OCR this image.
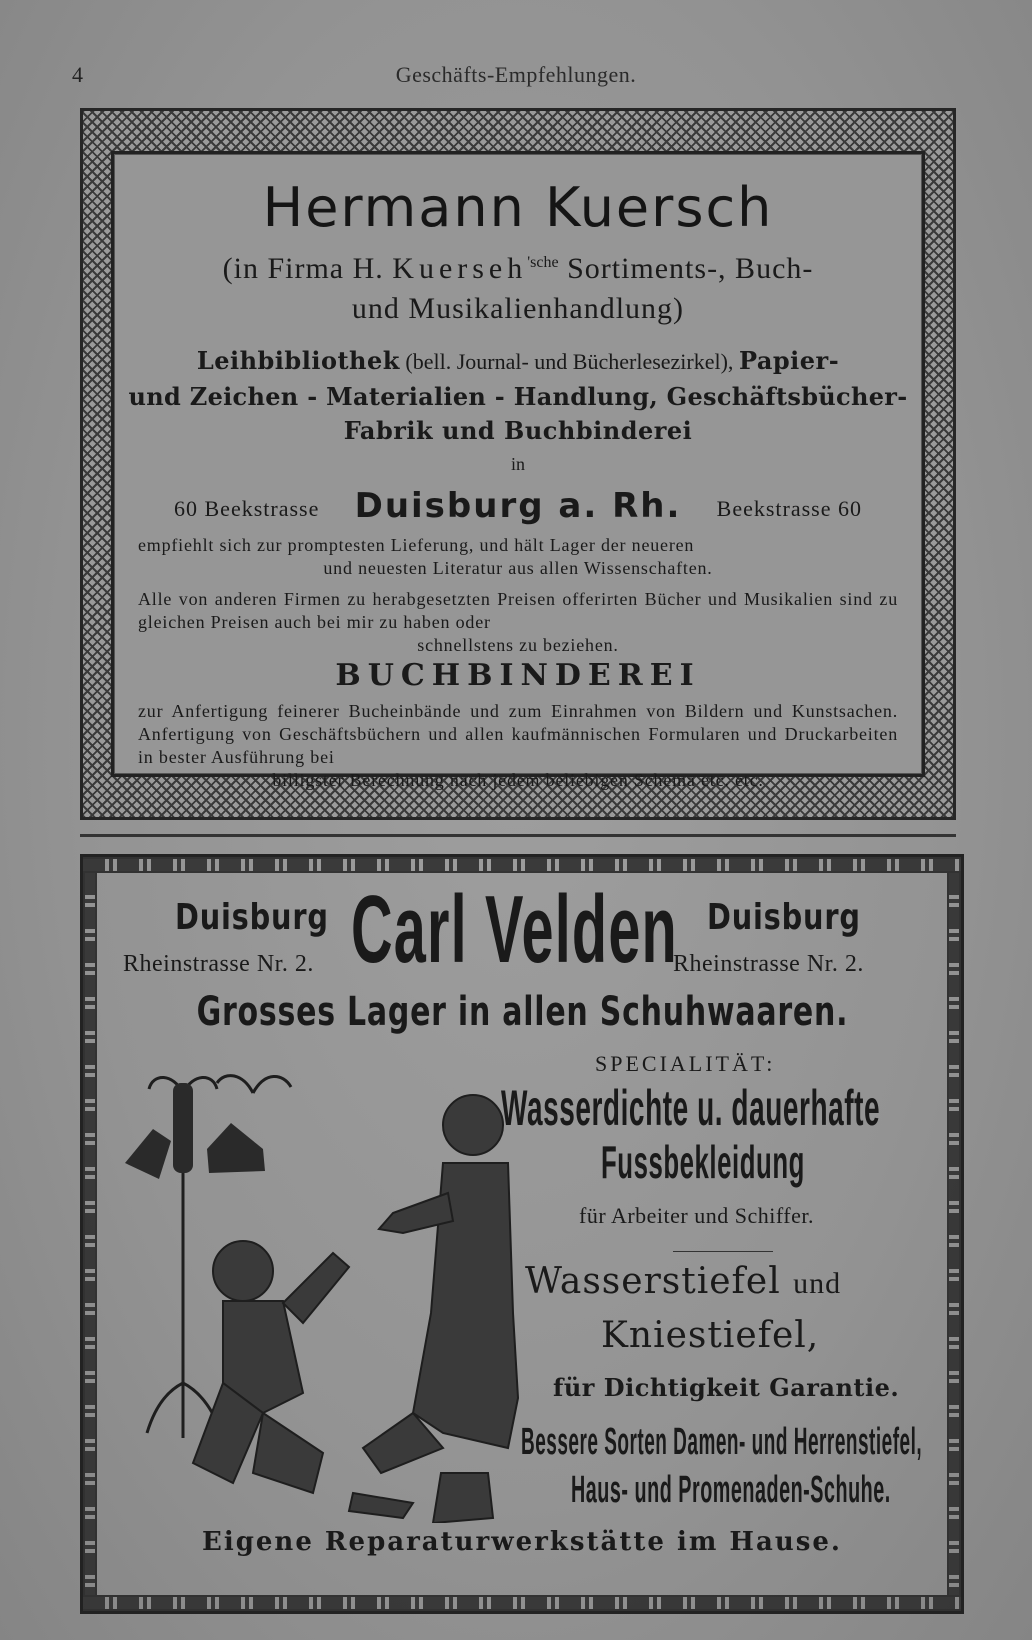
4	Geschäfts-Empfehlungen.
Hermann Kuersch
(in Firma H. Kuerseh$^{'sche}$ Sortiments-, Buch-
und Musikalienhandlung)
Leihbibliothek (bell. Journal- und Bücherlesezirkel), Papier-
und Zeichen - Materialien - Handlung, Geschäftsbücher-
Fabrik und Buchbinderei
in
60 Beekstrasse	Duisburg a. Rh.	Beekstrasse 60
empfiehlt sich zur promptesten Lieferung, und hält Lager der neueren
und neuesten Literatur aus allen Wissenschaften.
Alle von anderen Firmen zu herabgesetzten Preisen offerirten Bücher und Musikalien sind zu gleichen Preisen auch bei mir zu haben oder
schnellstens zu beziehen.
BUCHBINDEREI
zur Anfertigung feinerer Bucheinbände und zum Einrahmen von Bildern und Kunstsachen. Anfertigung von Geschäftsbüchern und allen kaufmännischen Formularen und Druckarbeiten in bester Ausführung bei
billigster Berechnung nach jedem beliebigen Schema etc. etc.
Duisburg
Rheinstrasse Nr. 2. Carl Velden Duisburg
Rheinstrasse Nr. 2.
Grosses Lager in allen Schuhwaaren.
SPECIALITÄT:
Wasserdichte u. dauerhafte
Fussbekleidung
für Arbeiter und Schiffer.
Wasserstiefel und
Kniestiefel,
für Dichtigkeit Garantie.
Bessere Sorten Damen- und Herrenstiefel,
Haus- und Promenaden-Schuhe.
Eigene Reparaturwerkstätte im Hause.
